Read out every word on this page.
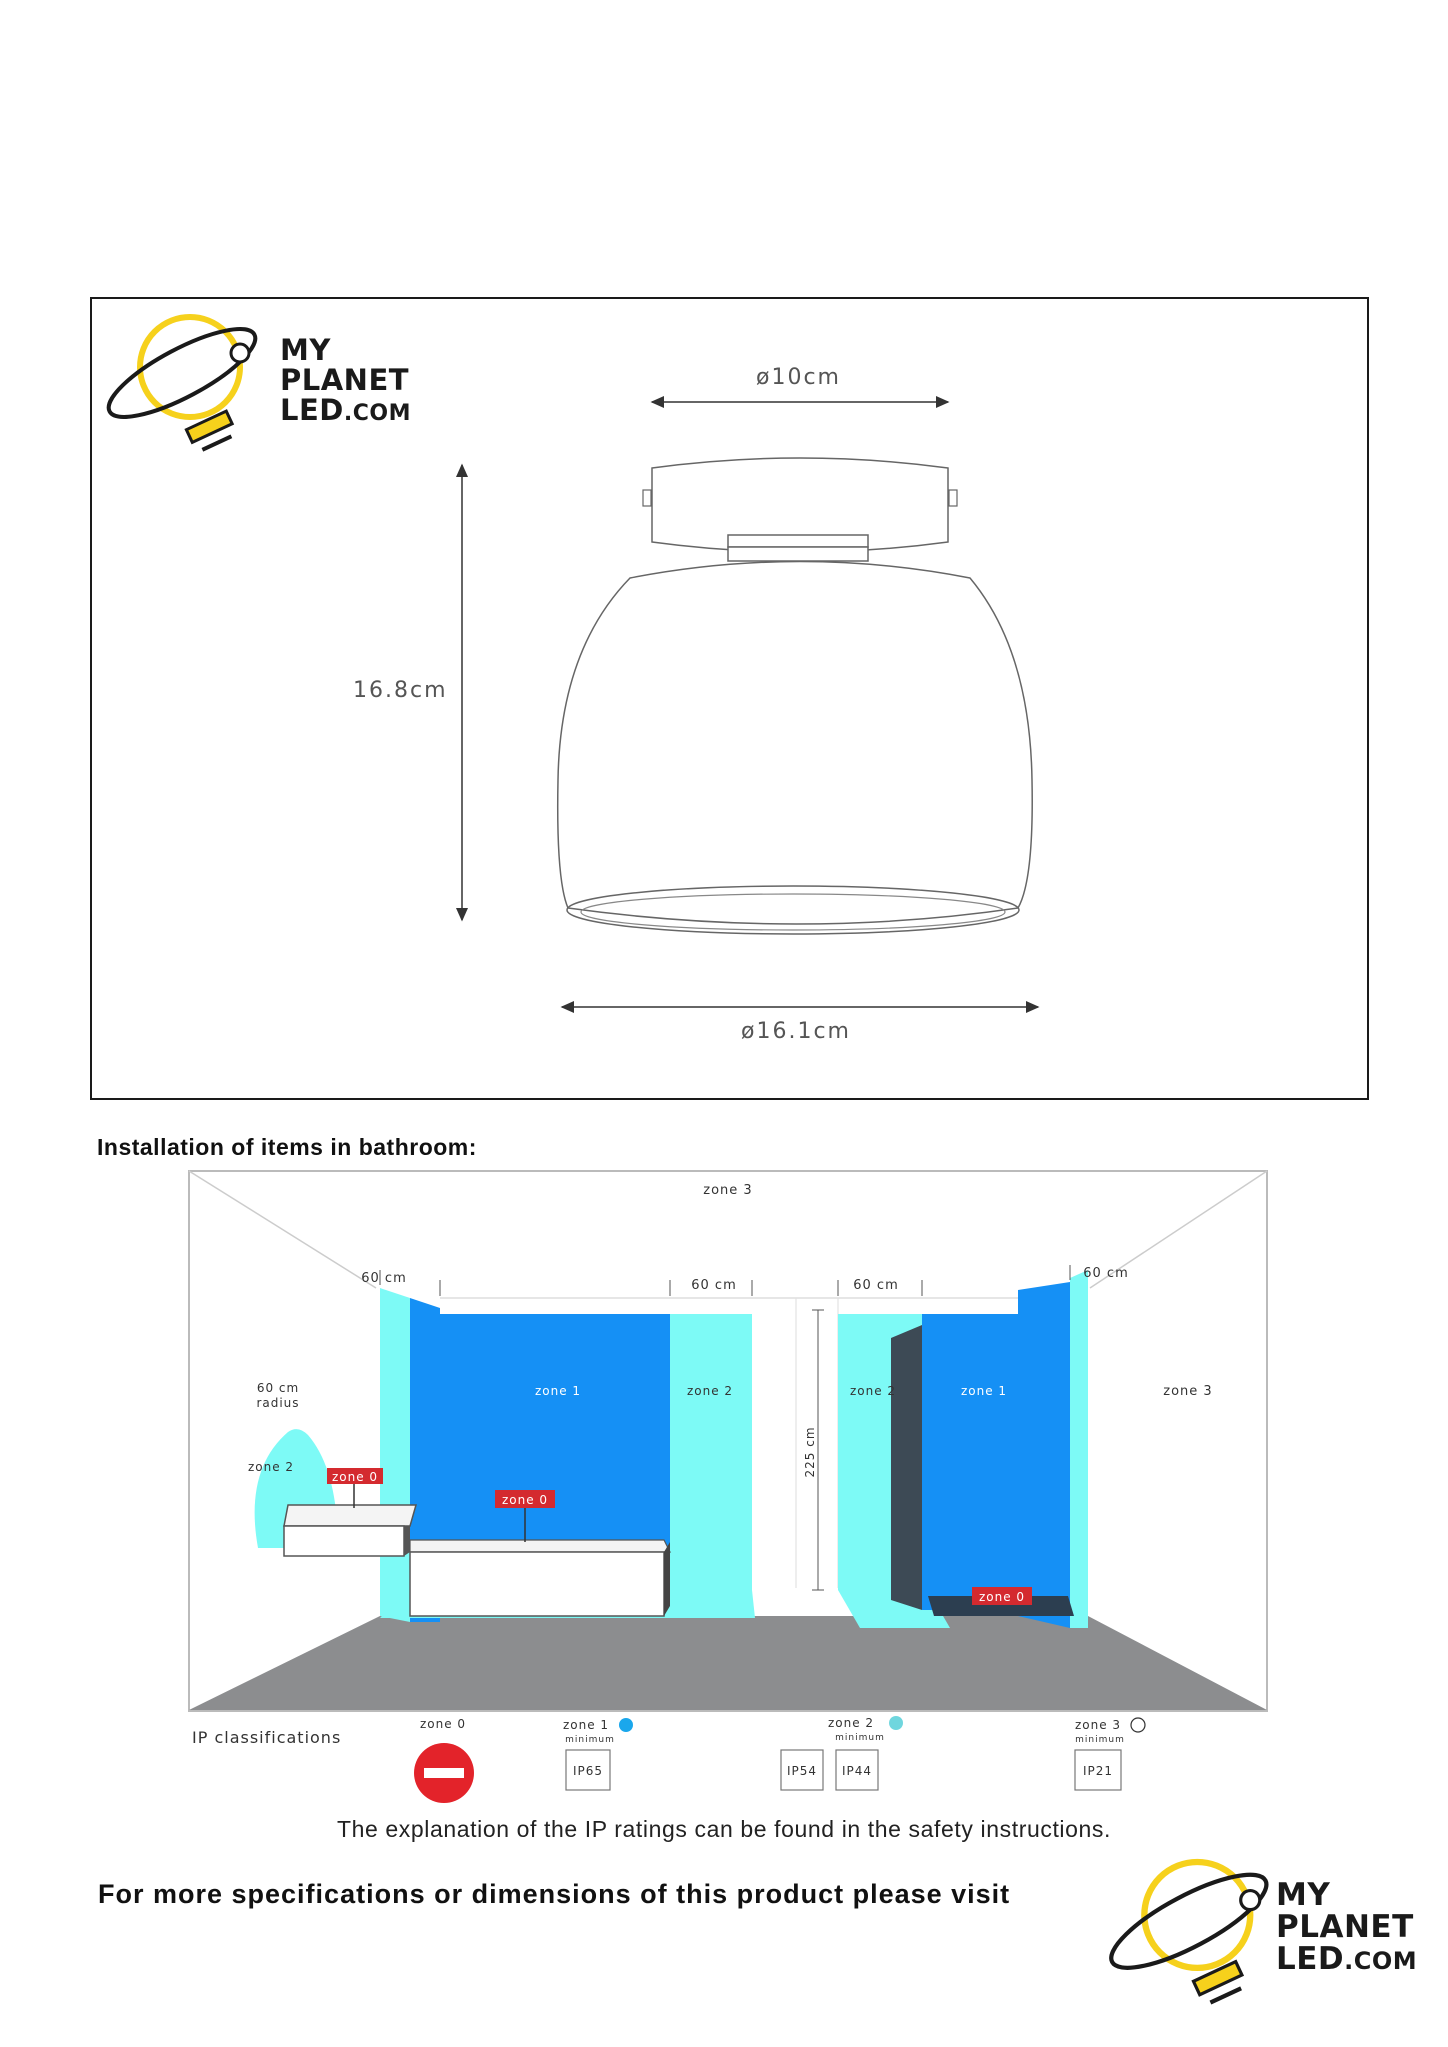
MY
PLANET
LED.COM
ø10cm
16.8cm
ø16.1cm
Installation of items in bathroom:
zone 3
zone 3
60 cm	60 cm	60 cm
60 cm
60 cm
radius
zone 2
zone 1	zone 2	zone 2	zone 1
zone 0
zone 0
zone 0
225 cm
IP classifications
zone 0	zone 1
minimum
IP65
zone 2
minimum
IP54 IP44
zone 3
minimum
IP21
The explanation of the IP ratings can be found in the safety instructions.
For more specifications or dimensions of this product please visit	MY
PLANET
LED.COM
